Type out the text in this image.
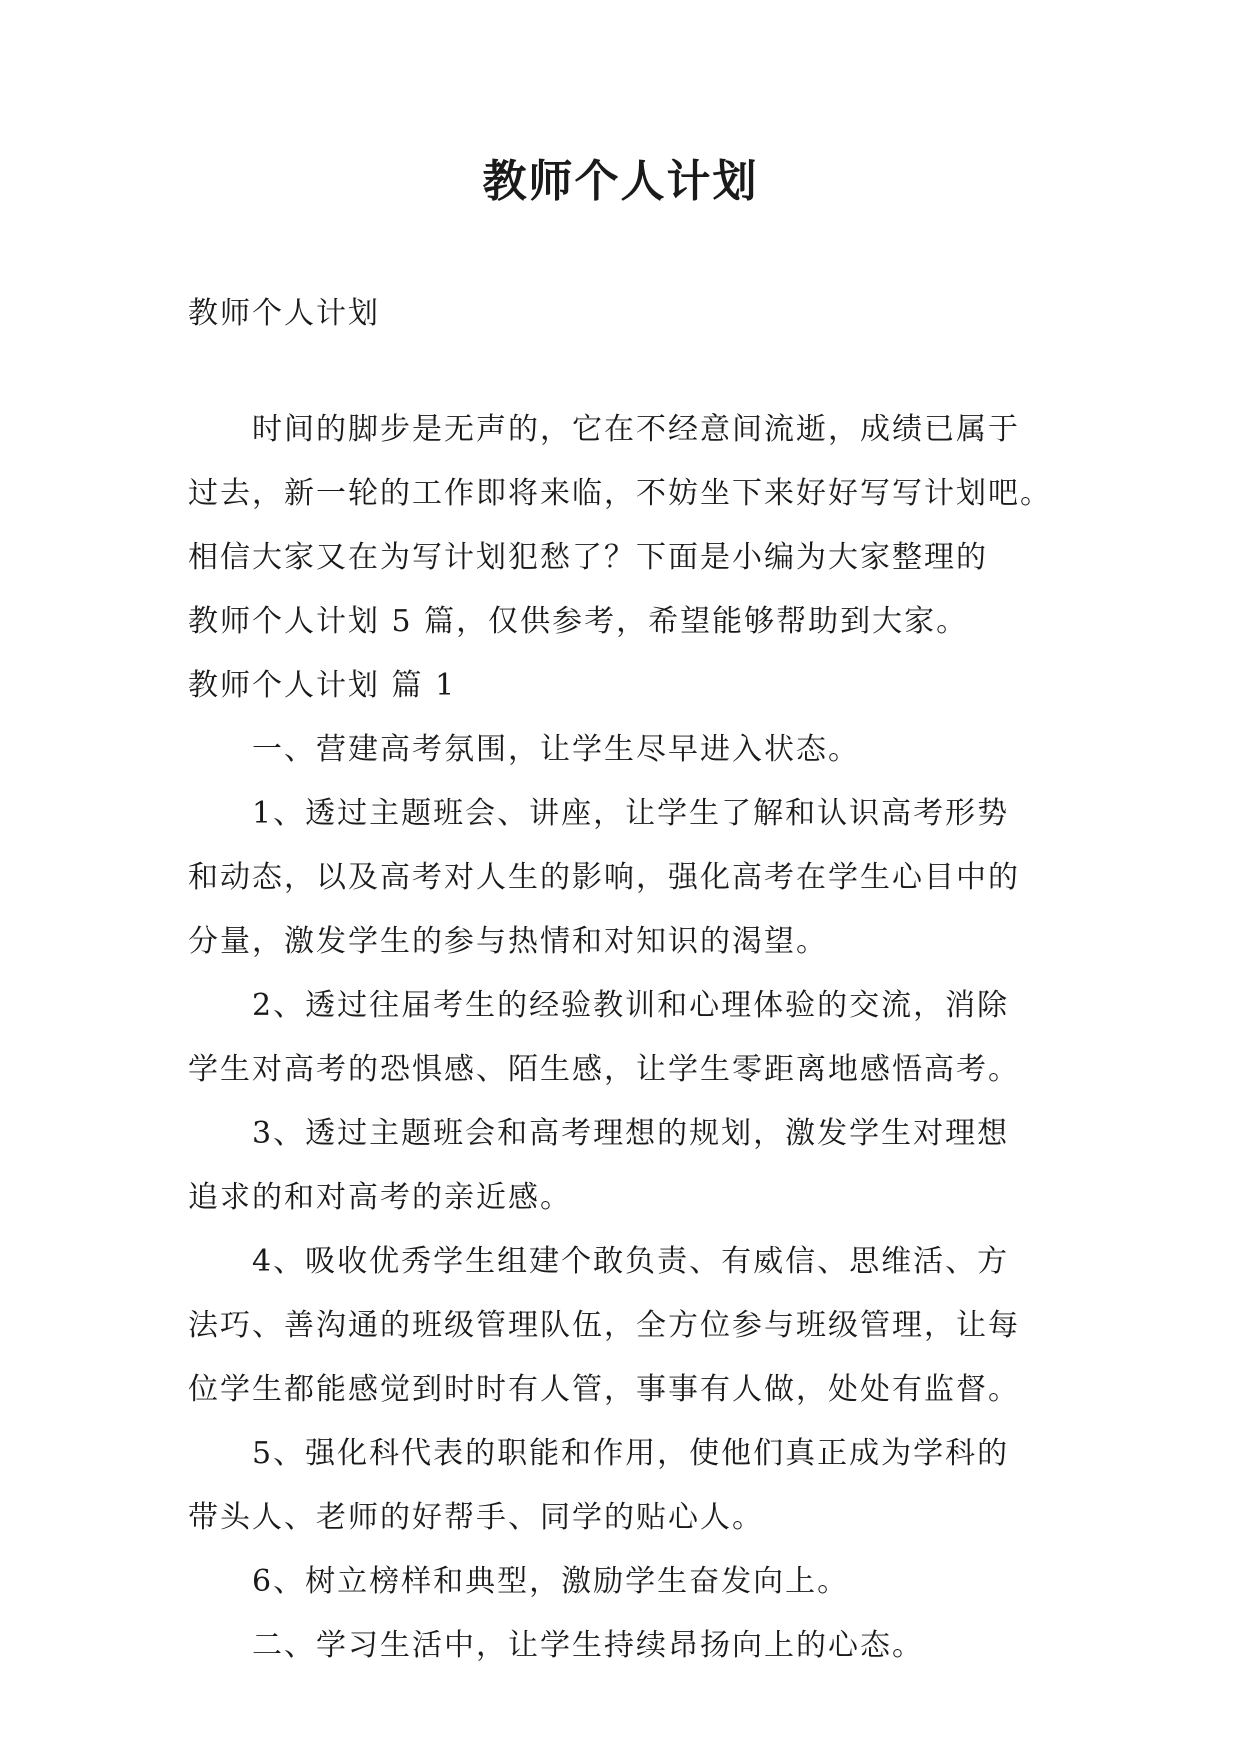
教师个人计划
教师个人计划
时间的脚步是无声的，它在不经意间流逝，成绩已属于
过去，新一轮的工作即将来临，不妨坐下来好好写写计划吧。
相信大家又在为写计划犯愁了？下面是小编为大家整理的
教师个人计划 5 篇，仅供参考，希望能够帮助到大家。
教师个人计划 篇 1
一、营建高考氛围，让学生尽早进入状态。
1、透过主题班会、讲座，让学生了解和认识高考形势
和动态，以及高考对人生的影响，强化高考在学生心目中的
分量，激发学生的参与热情和对知识的渴望。
2、透过往届考生的经验教训和心理体验的交流，消除
学生对高考的恐惧感、陌生感，让学生零距离地感悟高考。
3、透过主题班会和高考理想的规划，激发学生对理想
追求的和对高考的亲近感。
4、吸收优秀学生组建个敢负责、有威信、思维活、方
法巧、善沟通的班级管理队伍，全方位参与班级管理，让每
位学生都能感觉到时时有人管，事事有人做，处处有监督。
5、强化科代表的职能和作用，使他们真正成为学科的
带头人、老师的好帮手、同学的贴心人。
6、树立榜样和典型，激励学生奋发向上。
二、学习生活中，让学生持续昂扬向上的心态。
